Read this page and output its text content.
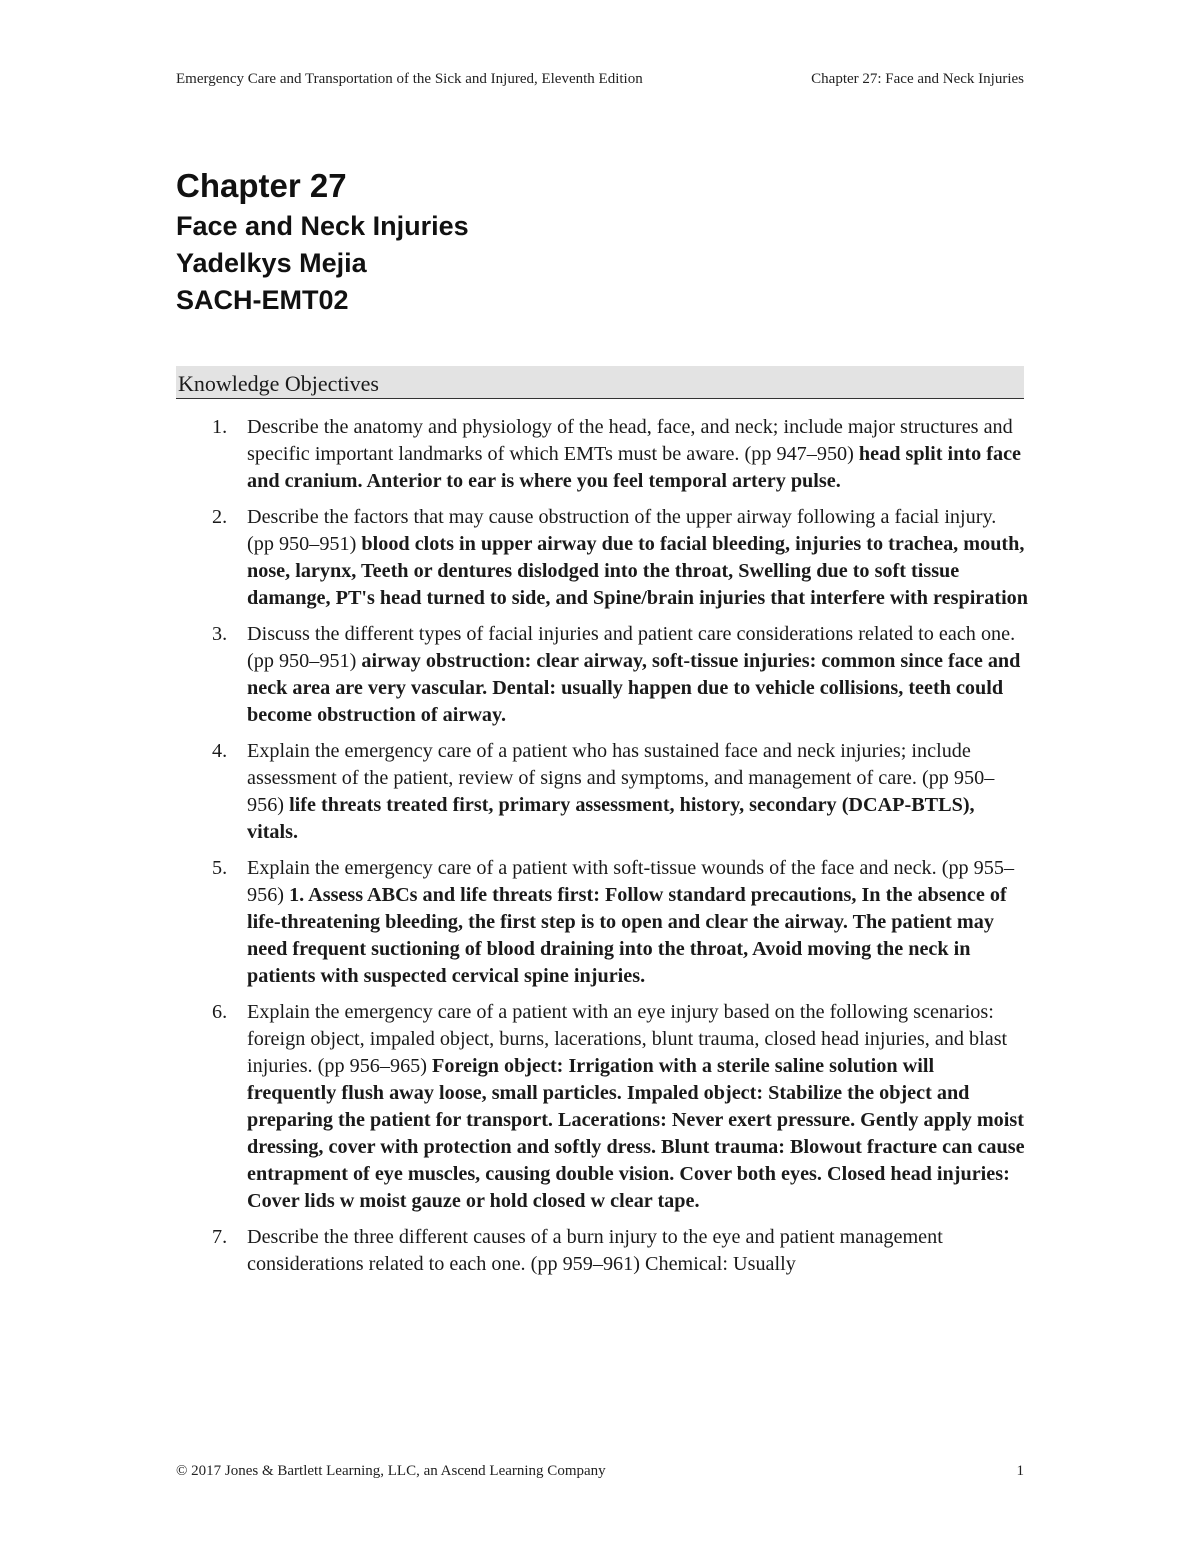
Emergency Care and Transportation of the Sick and Injured, Eleventh Edition	Chapter 27: Face and Neck Injuries

Chapter 27

Face and Neck Injuries

Yadelkys Mejia

SACH-EMT02

Knowledge Objectives
1. Describe the anatomy and physiology of the head, face, and neck; include major structures and specific important landmarks of which EMTs must be aware. (pp 947–950) head split into face and cranium. Anterior to ear is where you feel temporal artery pulse.
2. Describe the factors that may cause obstruction of the upper airway following a facial injury. (pp 950–951) blood clots in upper airway due to facial bleeding, injuries to trachea, mouth, nose, larynx, Teeth or dentures dislodged into the throat, Swelling due to soft tissue damange, PT's head turned to side, and Spine/brain injuries that interfere with respiration
3. Discuss the different types of facial injuries and patient care considerations related to each one. (pp 950–951) airway obstruction: clear airway, soft-tissue injuries: common since face and neck area are very vascular. Dental: usually happen due to vehicle collisions, teeth could become obstruction of airway.
4. Explain the emergency care of a patient who has sustained face and neck injuries; include assessment of the patient, review of signs and symptoms, and management of care. (pp 950–956) life threats treated first, primary assessment, history, secondary (DCAP-BTLS), vitals.
5. Explain the emergency care of a patient with soft-tissue wounds of the face and neck. (pp 955–956) 1. Assess ABCs and life threats first: Follow standard precautions, In the absence of life-threatening bleeding, the first step is to open and clear the airway. The patient may need frequent suctioning of blood draining into the throat, Avoid moving the neck in patients with suspected cervical spine injuries.
6. Explain the emergency care of a patient with an eye injury based on the following scenarios: foreign object, impaled object, burns, lacerations, blunt trauma, closed head injuries, and blast injuries. (pp 956–965) Foreign object: Irrigation with a sterile saline solution will frequently flush away loose, small particles. Impaled object: Stabilize the object and preparing the patient for transport. Lacerations: Never exert pressure. Gently apply moist dressing, cover with protection and softly dress. Blunt trauma: Blowout fracture can cause entrapment of eye muscles, causing double vision. Cover both eyes. Closed head injuries: Cover lids w moist gauze or hold closed w clear tape.
7. Describe the three different causes of a burn injury to the eye and patient management considerations related to each one. (pp 959–961) Chemical: Usually
© 2017 Jones & Bartlett Learning, LLC, an Ascend Learning Company	1
